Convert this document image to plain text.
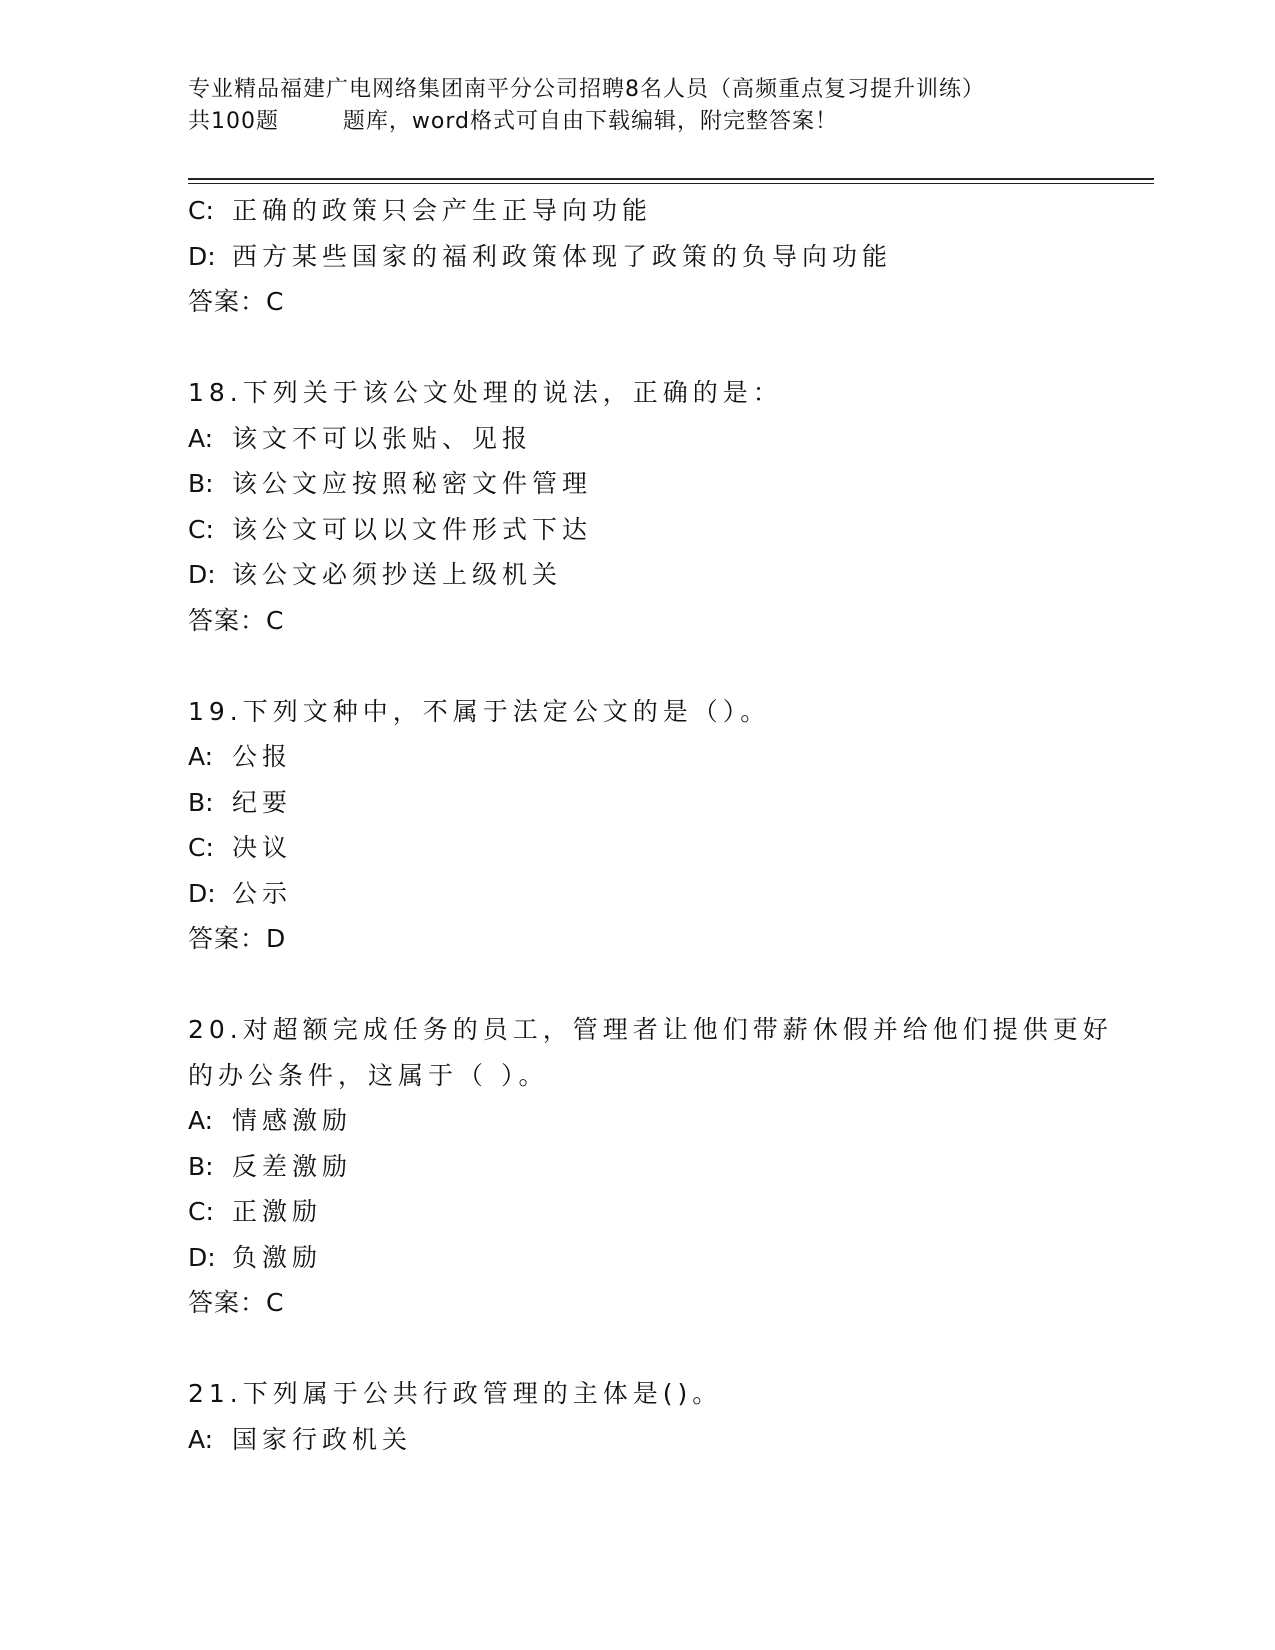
专业精品福建广电网络集团南平分公司招聘8名人员（高频重点复习提升训练）
共100题        题库，word格式可自由下载编辑，附完整答案！
C: 正确的政策只会产生正导向功能
D: 西方某些国家的福利政策体现了政策的负导向功能
答案：C
18.下列关于该公文处理的说法，正确的是：
A: 该文不可以张贴、见报
B: 该公文应按照秘密文件管理
C: 该公文可以以文件形式下达
D: 该公文必须抄送上级机关
答案：C
19.下列文种中，不属于法定公文的是（）。
A: 公报
B: 纪要
C: 决议
D: 公示
答案：D
20.对超额完成任务的员工，管理者让他们带薪休假并给他们提供更好
的办公条件，这属于（ ）。
A: 情感激励
B: 反差激励
C: 正激励
D: 负激励
答案：C
21.下列属于公共行政管理的主体是()。
A: 国家行政机关
